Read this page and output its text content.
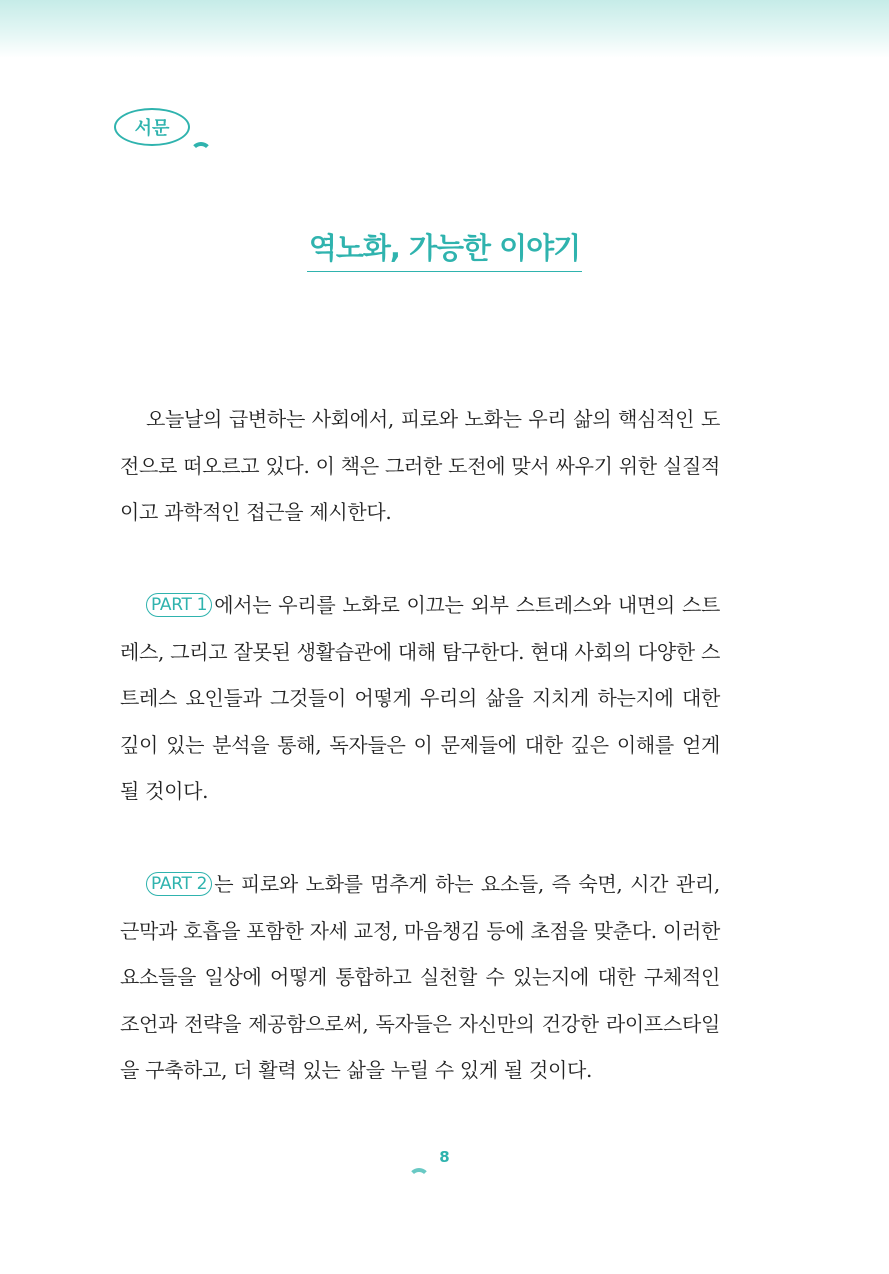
서문
역노화, 가능한 이야기

오늘날의 급변하는 사회에서, 피로와 노화는 우리 삶의 핵심적인 도전으로 떠오르고 있다. 이 책은 그러한 도전에 맞서 싸우기 위한 실질적이고 과학적인 접근을 제시한다.

PART 1 에서는 우리를 노화로 이끄는 외부 스트레스와 내면의 스트레스, 그리고 잘못된 생활습관에 대해 탐구한다. 현대 사회의 다양한 스트레스 요인들과 그것들이 어떻게 우리의 삶을 지치게 하는지에 대한 깊이 있는 분석을 통해, 독자들은 이 문제들에 대한 깊은 이해를 얻게 될 것이다.

PART 2 는 피로와 노화를 멈추게 하는 요소들, 즉 숙면, 시간 관리, 근막과 호흡을 포함한 자세 교정, 마음챙김 등에 초점을 맞춘다. 이러한 요소들을 일상에 어떻게 통합하고 실천할 수 있는지에 대한 구체적인 조언과 전략을 제공함으로써, 독자들은 자신만의 건강한 라이프스타일을 구축하고, 더 활력 있는 삶을 누릴 수 있게 될 것이다.

8
